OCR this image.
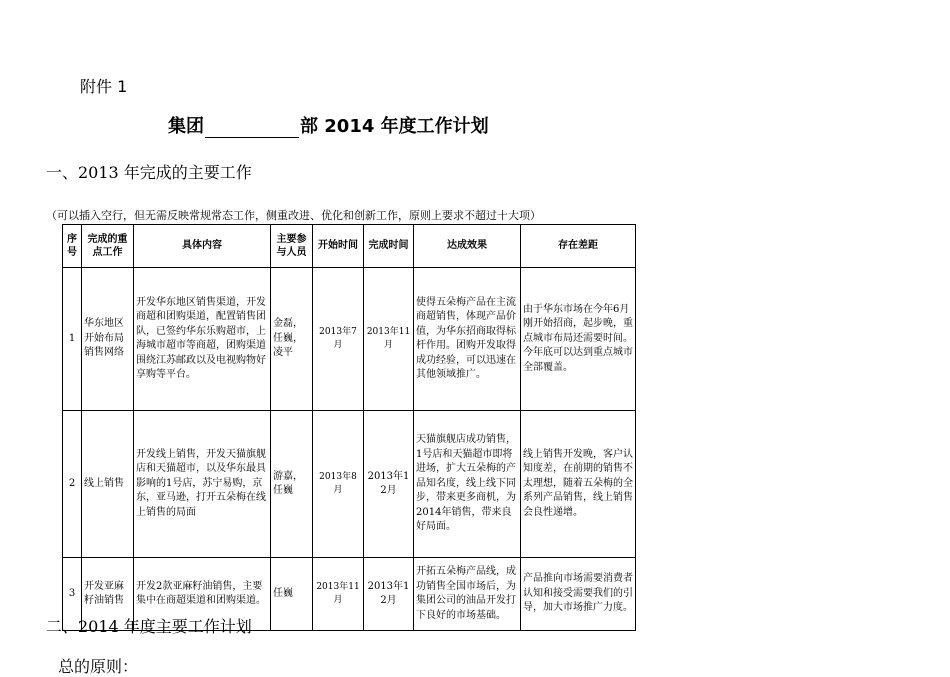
附件 1
集团	部 2014 年度工作计划
一、2013 年完成的主要工作
（可以插入空行，但无需反映常规常态工作，侧重改进、优化和创新工作，原则上要求不超过十大项）
序号	完成的重点工作	具体内容	主要参与人员	开始时间	完成时间	达成效果	存在差距
1	华东地区开始布局销售网络	开发华东地区销售渠道，开发商超和团购渠道，配置销售团队，已签约华东乐购超市，上海城市超市等商超，团购渠道围绕江苏邮政以及电视购物好享购等平台。	金磊，任巍，凌平	2013年7月	2013年11月	使得五朵梅产品在主流商超销售，体现产品价值，为华东招商取得标杆作用。团购开发取得成功经验，可以迅速在其他领域推广。	由于华东市场在今年6月刚开始招商，起步晚，重点城市布局还需要时间。今年底可以达到重点城市全部覆盖。
2	线上销售	开发线上销售，开发天猫旗舰店和天猫超市，以及华东最具影响的1号店，苏宁易购，京东，亚马逊，打开五朵梅在线上销售的局面	游嘉，任巍	2013年8月	2013年12月	天猫旗舰店成功销售，1号店和天猫超市即将进场，扩大五朵梅的产品知名度，线上线下同步，带来更多商机，为2014年销售，带来良好局面。	线上销售开发晚，客户认知度差，在前期的销售不太理想，随着五朵梅的全系列产品销售，线上销售会良性递增。
3	开发亚麻籽油销售	开发2款亚麻籽油销售，主要集中在商超渠道和团购渠道。	任巍	2013年11月	2013年12月	开拓五朵梅产品线，成功销售全国市场后，为集团公司的油品开发打下良好的市场基础。	产品推向市场需要消费者认知和接受需要我们的引导，加大市场推广力度。
二、2014 年度主要工作计划
总的原则：
